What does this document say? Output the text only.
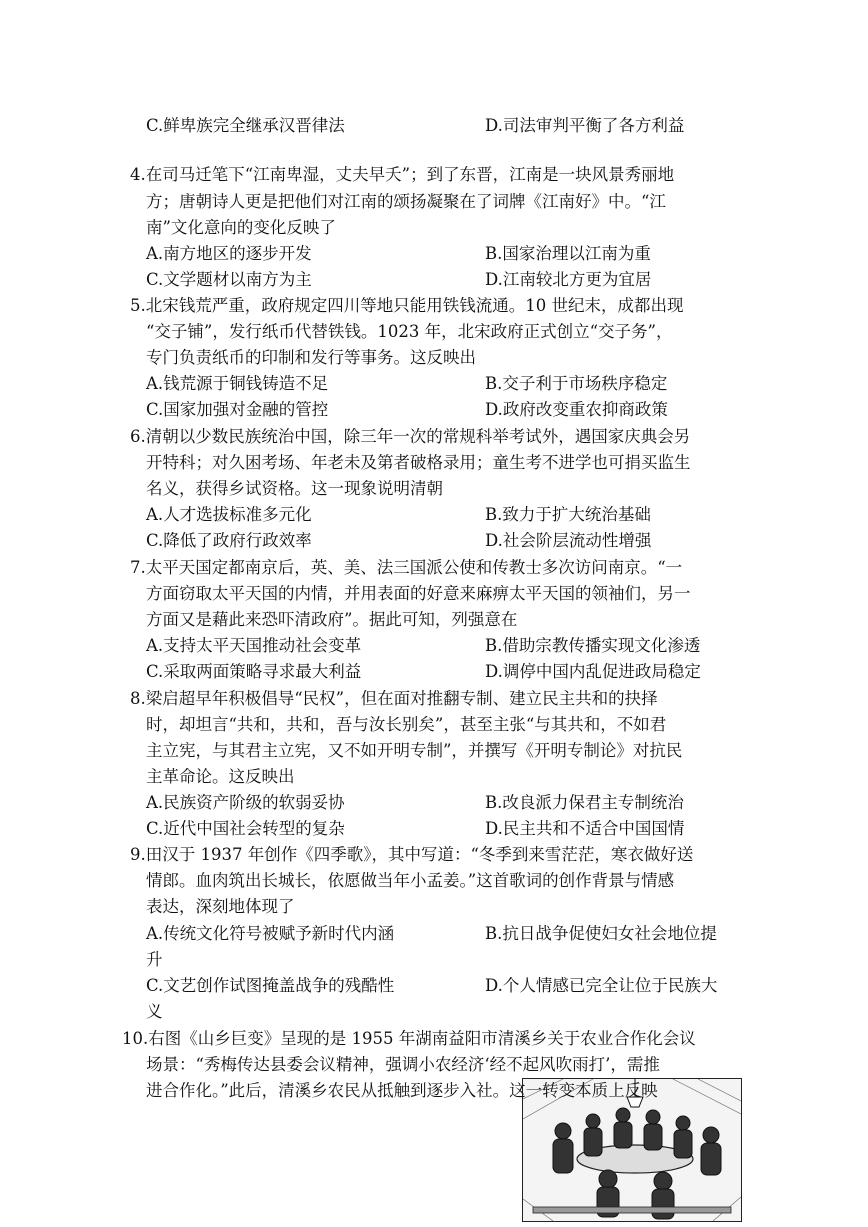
C.鲜卑族完全继承汉晋律法	D.司法审判平衡了各方利益
4.在司马迁笔下“江南卑湿，丈夫早夭”；到了东晋，江南是一块风景秀丽地
方；唐朝诗人更是把他们对江南的颂扬凝聚在了词牌《江南好》中。“江
南”文化意向的变化反映了
A.南方地区的逐步开发	B.国家治理以江南为重
C.文学题材以南方为主	D.江南较北方更为宜居
5.北宋钱荒严重，政府规定四川等地只能用铁钱流通。10 世纪末，成都出现
“交子铺”，发行纸币代替铁钱。1023 年，北宋政府正式创立“交子务”，
专门负责纸币的印制和发行等事务。这反映出
A.钱荒源于铜钱铸造不足	B.交子利于市场秩序稳定
C.国家加强对金融的管控	D.政府改变重农抑商政策
6.清朝以少数民族统治中国，除三年一次的常规科举考试外，遇国家庆典会另
开特科；对久困考场、年老未及第者破格录用；童生考不进学也可捐买监生
名义，获得乡试资格。这一现象说明清朝
A.人才选拔标准多元化	B.致力于扩大统治基础
C.降低了政府行政效率	D.社会阶层流动性增强
7.太平天国定都南京后，英、美、法三国派公使和传教士多次访问南京。“一
方面窃取太平天国的内情，并用表面的好意来麻痹太平天国的领袖们，另一
方面又是藉此来恐吓清政府”。据此可知，列强意在
A.支持太平天国推动社会变革	B.借助宗教传播实现文化渗透
C.采取两面策略寻求最大利益	D.调停中国内乱促进政局稳定
8.梁启超早年积极倡导“民权”，但在面对推翻专制、建立民主共和的抉择
时，却坦言“共和，共和，吾与汝长别矣”，甚至主张“与其共和，不如君
主立宪，与其君主立宪，又不如开明专制”，并撰写《开明专制论》对抗民
主革命论。这反映出
A.民族资产阶级的软弱妥协	B.改良派力保君主专制统治
C.近代中国社会转型的复杂	D.民主共和不适合中国国情
9.田汉于 1937 年创作《四季歌》，其中写道：“冬季到来雪茫茫，寒衣做好送
情郎。血肉筑出长城长，依愿做当年小孟姜。”这首歌词的创作背景与情感
表达，深刻地体现了
A.传统文化符号被赋予新时代内涵	B.抗日战争促使妇女社会地位提
升
C.文艺创作试图掩盖战争的残酷性	D.个人情感已完全让位于民族大
义
10.右图《山乡巨变》呈现的是 1955 年湖南益阳市清溪乡关于农业合作化会议
场景：“秀梅传达县委会议精神，强调小农经济‘经不起风吹雨打’，需推
进合作化。”此后，清溪乡农民从抵触到逐步入社。这一转变本质上反映
